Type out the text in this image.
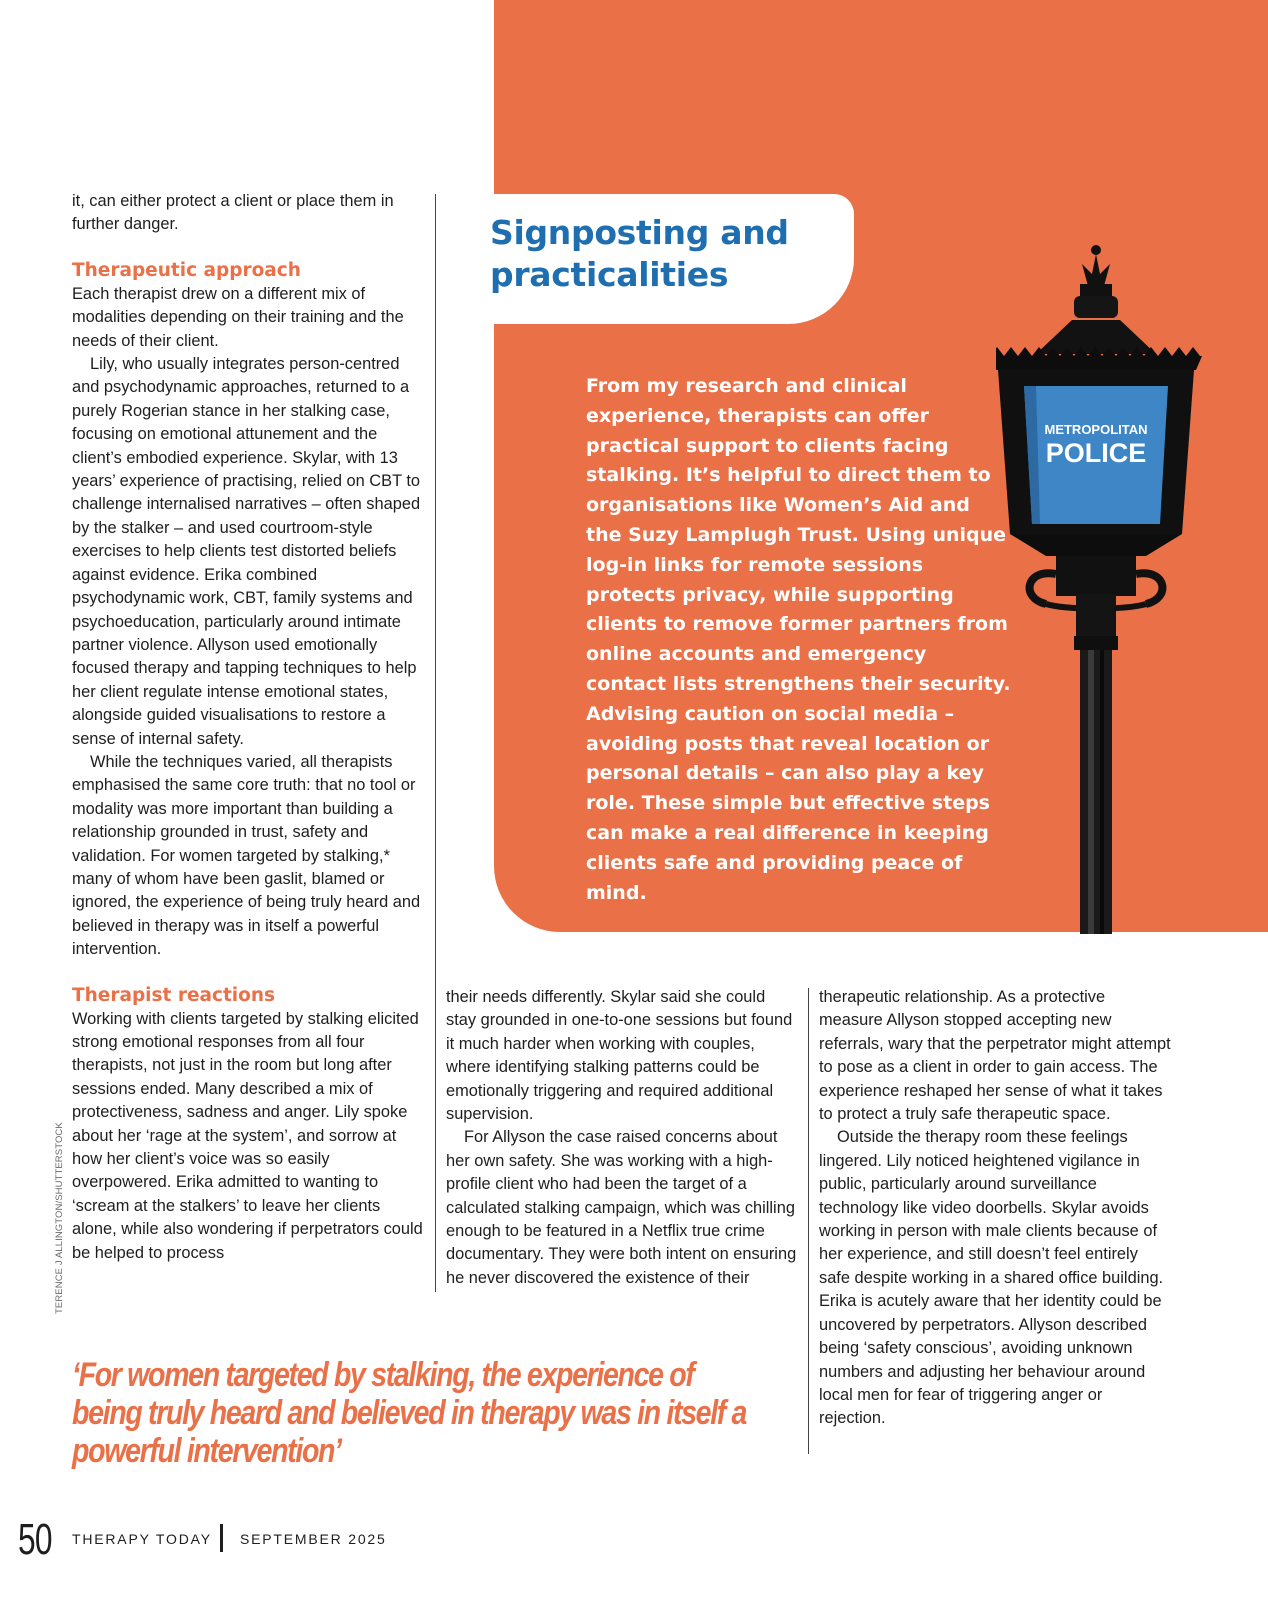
Signposting and practicalities

From my research and clinical experience, therapists can offer practical support to clients facing stalking. It’s helpful to direct them to organisations like Women’s Aid and the Suzy Lamplugh Trust. Using unique log-in links for remote sessions protects privacy, while supporting clients to remove former partners from online accounts and emergency contact lists strengthens their security. Advising caution on social media – avoiding posts that reveal location or personal details – can also play a key role. These simple but effective steps can make a real difference in keeping clients safe and providing peace of mind.

METROPOLITAN
POLICE

it, can either protect a client or place them in further danger.

Therapeutic approach

Each therapist drew on a different mix of modalities depending on their training and the needs of their client.

Lily, who usually integrates person-centred and psychodynamic approaches, returned to a purely Rogerian stance in her stalking case, focusing on emotional attunement and the client’s embodied experience. Skylar, with 13 years’ experience of practising, relied on CBT to challenge internalised narratives – often shaped by the stalker – and used courtroom-style exercises to help clients test distorted beliefs against evidence. Erika combined psychodynamic work, CBT, family systems and psychoeducation, particularly around intimate partner violence. Allyson used emotionally focused therapy and tapping techniques to help her client regulate intense emotional states, alongside guided visualisations to restore a sense of internal safety.

While the techniques varied, all therapists emphasised the same core truth: that no tool or modality was more important than building a relationship grounded in trust, safety and validation. For women targeted by stalking,* many of whom have been gaslit, blamed or ignored, the experience of being truly heard and believed in therapy was in itself a powerful intervention.

Therapist reactions

Working with clients targeted by stalking elicited strong emotional responses from all four therapists, not just in the room but long after sessions ended. Many described a mix of protectiveness, sadness and anger. Lily spoke about her ‘rage at the system’, and sorrow at how her client’s voice was so easily overpowered. Erika admitted to wanting to ‘scream at the stalkers’ to leave her clients alone, while also wondering if perpetrators could be helped to process

their needs differently. Skylar said she could stay grounded in one-to-one sessions but found it much harder when working with couples, where identifying stalking patterns could be emotionally triggering and required additional supervision.

For Allyson the case raised concerns about her own safety. She was working with a high-profile client who had been the target of a calculated stalking campaign, which was chilling enough to be featured in a Netflix true crime documentary. They were both intent on ensuring he never discovered the existence of their

therapeutic relationship. As a protective measure Allyson stopped accepting new referrals, wary that the perpetrator might attempt to pose as a client in order to gain access. The experience reshaped her sense of what it takes to protect a truly safe therapeutic space.

Outside the therapy room these feelings lingered. Lily noticed heightened vigilance in public, particularly around surveillance technology like video doorbells. Skylar avoids working in person with male clients because of her experience, and still doesn’t feel entirely safe despite working in a shared office building. Erika is acutely aware that her identity could be uncovered by perpetrators. Allyson described being ‘safety conscious’, avoiding unknown numbers and adjusting her behaviour around local men for fear of triggering anger or rejection.

‘For women targeted by stalking, the experience of being truly heard and believed in therapy was in itself a powerful intervention’

TERENCE J ALLINGTON/SHUTTERSTOCK

50 THERAPY TODAY SEPTEMBER 2025
